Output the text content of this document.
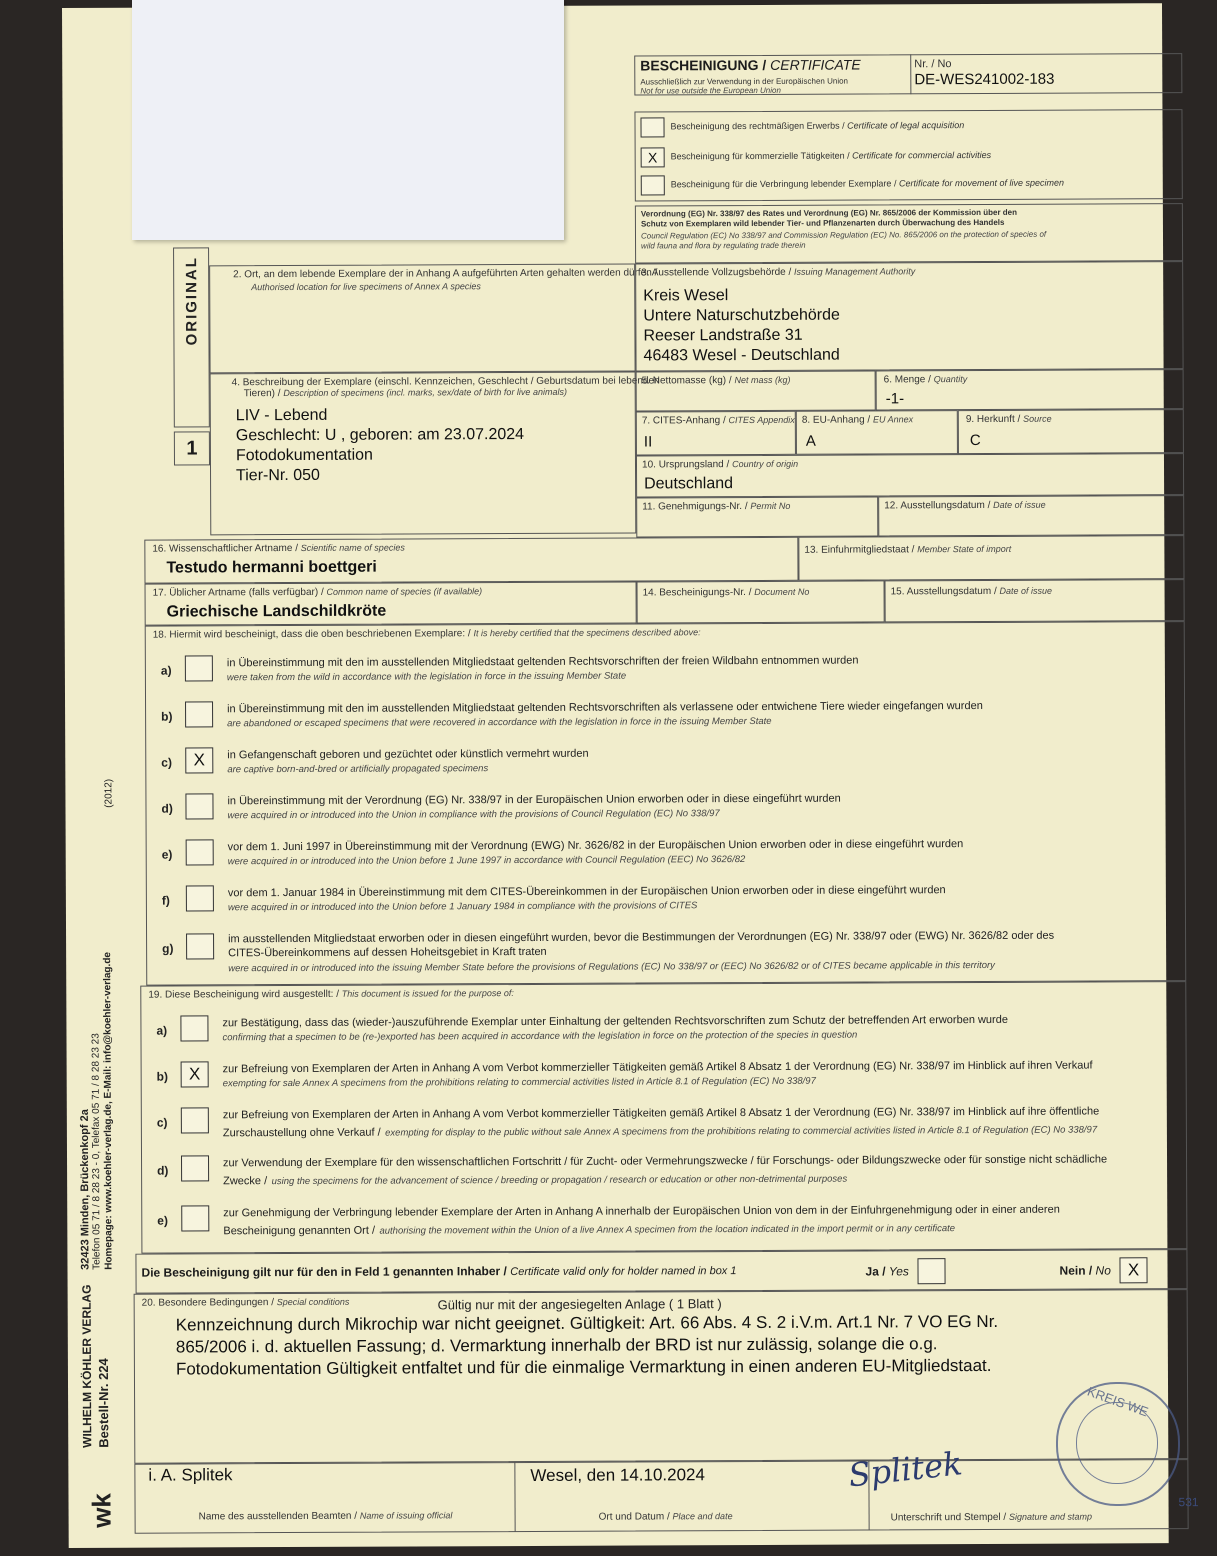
BESCHEINIGUNG / CERTIFICATE
Ausschließlich zur Verwendung in der Europäischen Union
Not for use outside the European Union
Nr. / No
DE-WES241002-183
Bescheinigung des rechtmäßigen Erwerbs / Certificate of legal acquisition
X	Bescheinigung für kommerzielle Tätigkeiten / Certificate for commercial activities
Bescheinigung für die Verbringung lebender Exemplare / Certificate for movement of live specimen
Verordnung (EG) Nr. 338/97 des Rates und Verordnung (EG) Nr. 865/2006 der Kommission über den
Schutz von Exemplaren wild lebender Tier- und Pflanzenarten durch Überwachung des Handels
Council Regulation (EC) No 338/97 and Commission Regulation (EC) No. 865/2006 on the protection of species of
wild fauna and flora by regulating trade therein
ORIGINAL
1
2. Ort, an dem lebende Exemplare der in Anhang A aufgeführten Arten gehalten werden dürfen /
Authorised location for live specimens of Annex A species
3. Ausstellende Vollzugsbehörde / Issuing Management Authority
Kreis Wesel
Untere Naturschutzbehörde
Reeser Landstraße 31
46483 Wesel - Deutschland
4. Beschreibung der Exemplare (einschl. Kennzeichen, Geschlecht / Geburtsdatum bei lebenden
Tieren) / Description of specimens (incl. marks, sex/date of birth for live animals)
LIV - Lebend
Geschlecht: U , geboren: am 23.07.2024
Fotodokumentation
Tier-Nr. 050
5. Nettomasse (kg) / Net mass (kg)	6. Menge / Quantity
-1-
7. CITES-Anhang / CITES Appendix
II
8. EU-Anhang / EU Annex
A
9. Herkunft / Source
C
10. Ursprungsland / Country of origin
Deutschland
11. Genehmigungs-Nr. / Permit No	12. Ausstellungsdatum / Date of issue
16. Wissenschaftlicher Artname / Scientific name of species
Testudo hermanni boettgeri
13. Einfuhrmitgliedstaat / Member State of import
17. Üblicher Artname (falls verfügbar) / Common name of species (if available)
Griechische Landschildkröte
14. Bescheinigungs-Nr. / Document No	15. Ausstellungsdatum / Date of issue
18. Hiermit wird bescheinigt, dass die oben beschriebenen Exemplare: / It is hereby certified that the specimens described above:
a)
in Übereinstimmung mit den im ausstellenden Mitgliedstaat geltenden Rechtsvorschriften der freien Wildbahn entnommen wurden
were taken from the wild in accordance with the legislation in force in the issuing Member State
b)
in Übereinstimmung mit den im ausstellenden Mitgliedstaat geltenden Rechtsvorschriften als verlassene oder entwichene Tiere wieder eingefangen wurden
are abandoned or escaped specimens that were recovered in accordance with the legislation in force in the issuing Member State
c)	X	in Gefangenschaft geboren und gezüchtet oder künstlich vermehrt wurden
are captive born-and-bred or artificially propagated specimens
d)
in Übereinstimmung mit der Verordnung (EG) Nr. 338/97 in der Europäischen Union erworben oder in diese eingeführt wurden
were acquired in or introduced into the Union in compliance with the provisions of Council Regulation (EC) No 338/97
e)
vor dem 1. Juni 1997 in Übereinstimmung mit der Verordnung (EWG) Nr. 3626/82 in der Europäischen Union erworben oder in diese eingeführt wurden
were acquired in or introduced into the Union before 1 June 1997 in accordance with Council Regulation (EEC) No 3626/82
f)
vor dem 1. Januar 1984 in Übereinstimmung mit dem CITES-Übereinkommen in der Europäischen Union erworben oder in diese eingeführt wurden
were acquired in or introduced into the Union before 1 January 1984 in compliance with the provisions of CITES
g)
im ausstellenden Mitgliedstaat erworben oder in diesen eingeführt wurden, bevor die Bestimmungen der Verordnungen (EG) Nr. 338/97 oder (EWG) Nr. 3626/82 oder des
CITES-Übereinkommens auf dessen Hoheitsgebiet in Kraft traten
were acquired in or introduced into the issuing Member State before the provisions of Regulations (EC) No 338/97 or (EEC) No 3626/82 or of CITES became applicable in this territory
19. Diese Bescheinigung wird ausgestellt: / This document is issued for the purpose of:
a)
zur Bestätigung, dass das (wieder-)auszuführende Exemplar unter Einhaltung der geltenden Rechtsvorschriften zum Schutz der betreffenden Art erworben wurde
confirming that a specimen to be (re-)exported has been acquired in accordance with the legislation in force on the protection of the species in question
b)	X	zur Befreiung von Exemplaren der Arten in Anhang A vom Verbot kommerzieller Tätigkeiten gemäß Artikel 8 Absatz 1 der Verordnung (EG) Nr. 338/97 im Hinblick auf ihren Verkauf
exempting for sale Annex A specimens from the prohibitions relating to commercial activities listed in Article 8.1 of Regulation (EC) No 338/97
c)
zur Befreiung von Exemplaren der Arten in Anhang A vom Verbot kommerzieller Tätigkeiten gemäß Artikel 8 Absatz 1 der Verordnung (EG) Nr. 338/97 im Hinblick auf ihre öffentliche
Zurschaustellung ohne Verkauf / exempting for display to the public without sale Annex A specimens from the prohibitions relating to commercial activities listed in Article 8.1 of Regulation (EC) No 338/97
d)
zur Verwendung der Exemplare für den wissenschaftlichen Fortschritt / für Zucht- oder Vermehrungszwecke / für Forschungs- oder Bildungszwecke oder für sonstige nicht schädliche
Zwecke / using the specimens for the advancement of science / breeding or propagation / research or education or other non-detrimental purposes
e)
zur Genehmigung der Verbringung lebender Exemplare der Arten in Anhang A innerhalb der Europäischen Union von dem in der Einfuhrgenehmigung oder in einer anderen
Bescheinigung genannten Ort / authorising the movement within the Union of a live Annex A specimen from the location indicated in the import permit or in any certificate
Die Bescheinigung gilt nur für den in Feld 1 genannten Inhaber / Certificate valid only for holder named in box 1	Ja / Yes	Nein / No X
20. Besondere Bedingungen / Special conditions	Gültig nur mit der angesiegelten Anlage ( 1 Blatt )
Kennzeichnung durch Mikrochip war nicht geeignet. Gültigkeit: Art. 66 Abs. 4 S. 2 i.V.m. Art.1 Nr. 7 VO EG Nr.
865/2006 i. d. aktuellen Fassung; d. Vermarktung innerhalb der BRD ist nur zulässig, solange die o.g.
Fotodokumentation Gültigkeit entfaltet und für die einmalige Vermarktung in einen anderen EU-Mitgliedstaat.
i. A. Splitek	Wesel, den 14.10.2024	Splitek
Name des ausstellenden Beamten / Name of issuing official	Ort und Datum / Place and date	Unterschrift und Stempel / Signature and stamp
531
wk
WILHELM KÖHLER VERLAG Bestell-Nr. 224
32423 Minden, Brückenkopf 2a
Telefon 05 71 / 8 28 23 - 0, Telefax 05 71 / 8 28 23 23 Homepage: www.koehler-verlag.de, E-Mail: info@koehler-verlag.de
(2012)
KREIS WE
